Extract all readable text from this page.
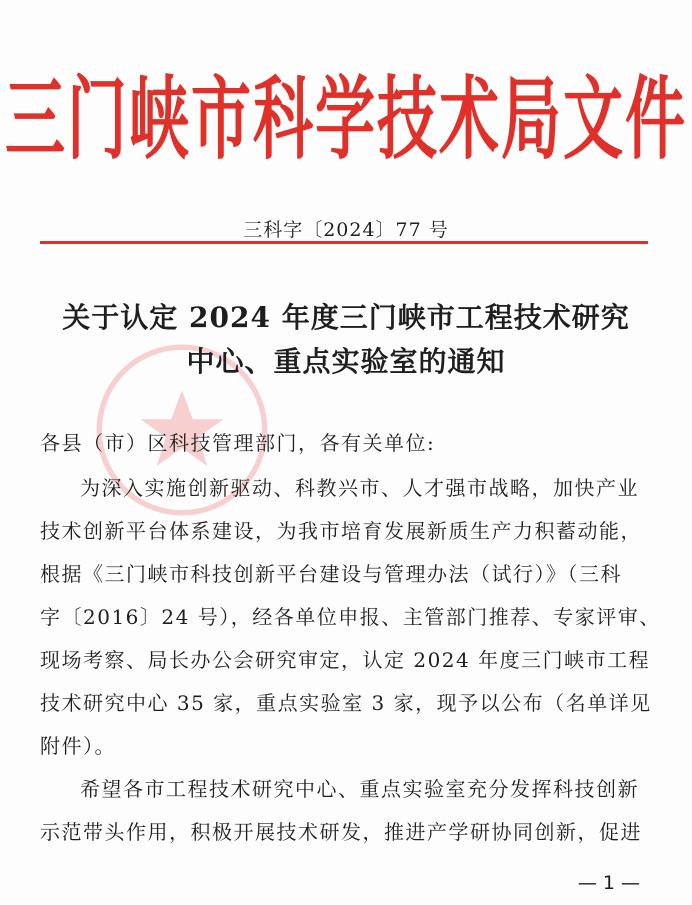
三门峡市科学技术局文件
三科字〔2024〕77 号
关于认定 2024 年度三门峡市工程技术研究
中心、重点实验室的通知
各县（市）区科技管理部门，各有关单位:
为深入实施创新驱动、科教兴市、人才强市战略，加快产业
技术创新平台体系建设，为我市培育发展新质生产力积蓄动能，
根据《三门峡市科技创新平台建设与管理办法（试行）》（三科
字〔2016〕24 号），经各单位申报、主管部门推荐、专家评审、
现场考察、局长办公会研究审定，认定 2024 年度三门峡市工程
技术研究中心 35 家，重点实验室 3 家，现予以公布（名单详见
附件）。
希望各市工程技术研究中心、重点实验室充分发挥科技创新
示范带头作用，积极开展技术研发，推进产学研协同创新，促进
— 1 —
